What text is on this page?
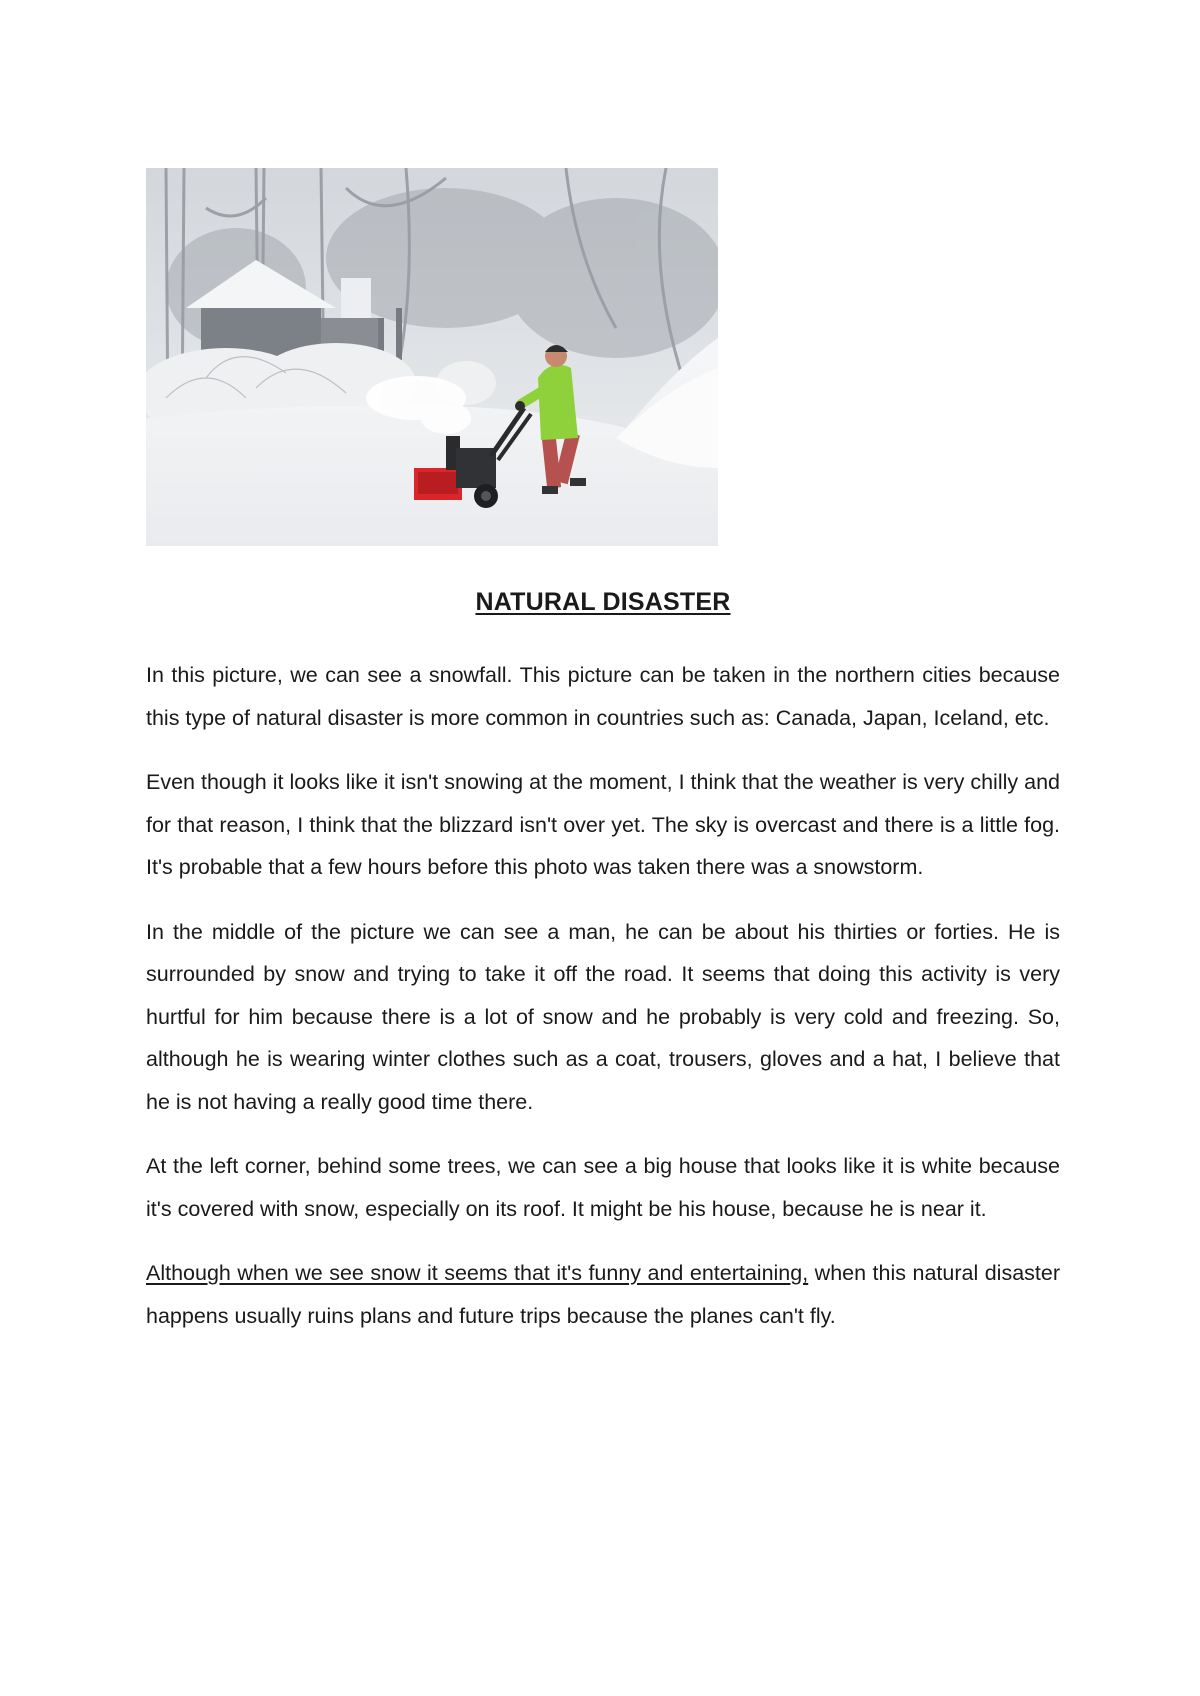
NATURAL DISASTER

In this picture, we can see a snowfall. This picture can be taken in the northern cities because this type of natural disaster is more common in countries such as: Canada, Japan, Iceland, etc.

Even though it looks like it isn't snowing at the moment, I think that the weather is very chilly and for that reason, I think that the blizzard isn't over yet. The sky is overcast and there is a little fog. It's probable that a few hours before this photo was taken there was a snowstorm.

In the middle of the picture we can see a man, he can be about his thirties or forties. He is surrounded by snow and trying to take it off the road. It seems that doing this activity is very hurtful for him because there is a lot of snow and he probably is very cold and freezing. So, although he is wearing winter clothes such as a coat, trousers, gloves and a hat, I believe that he is not having a really good time there.

At the left corner, behind some trees, we can see a big house that looks like it is white because it's covered with snow, especially on its roof. It might be his house, because he is near it.

Although when we see snow it seems that it's funny and entertaining, when this natural disaster happens usually ruins plans and future trips because the planes can't fly.
